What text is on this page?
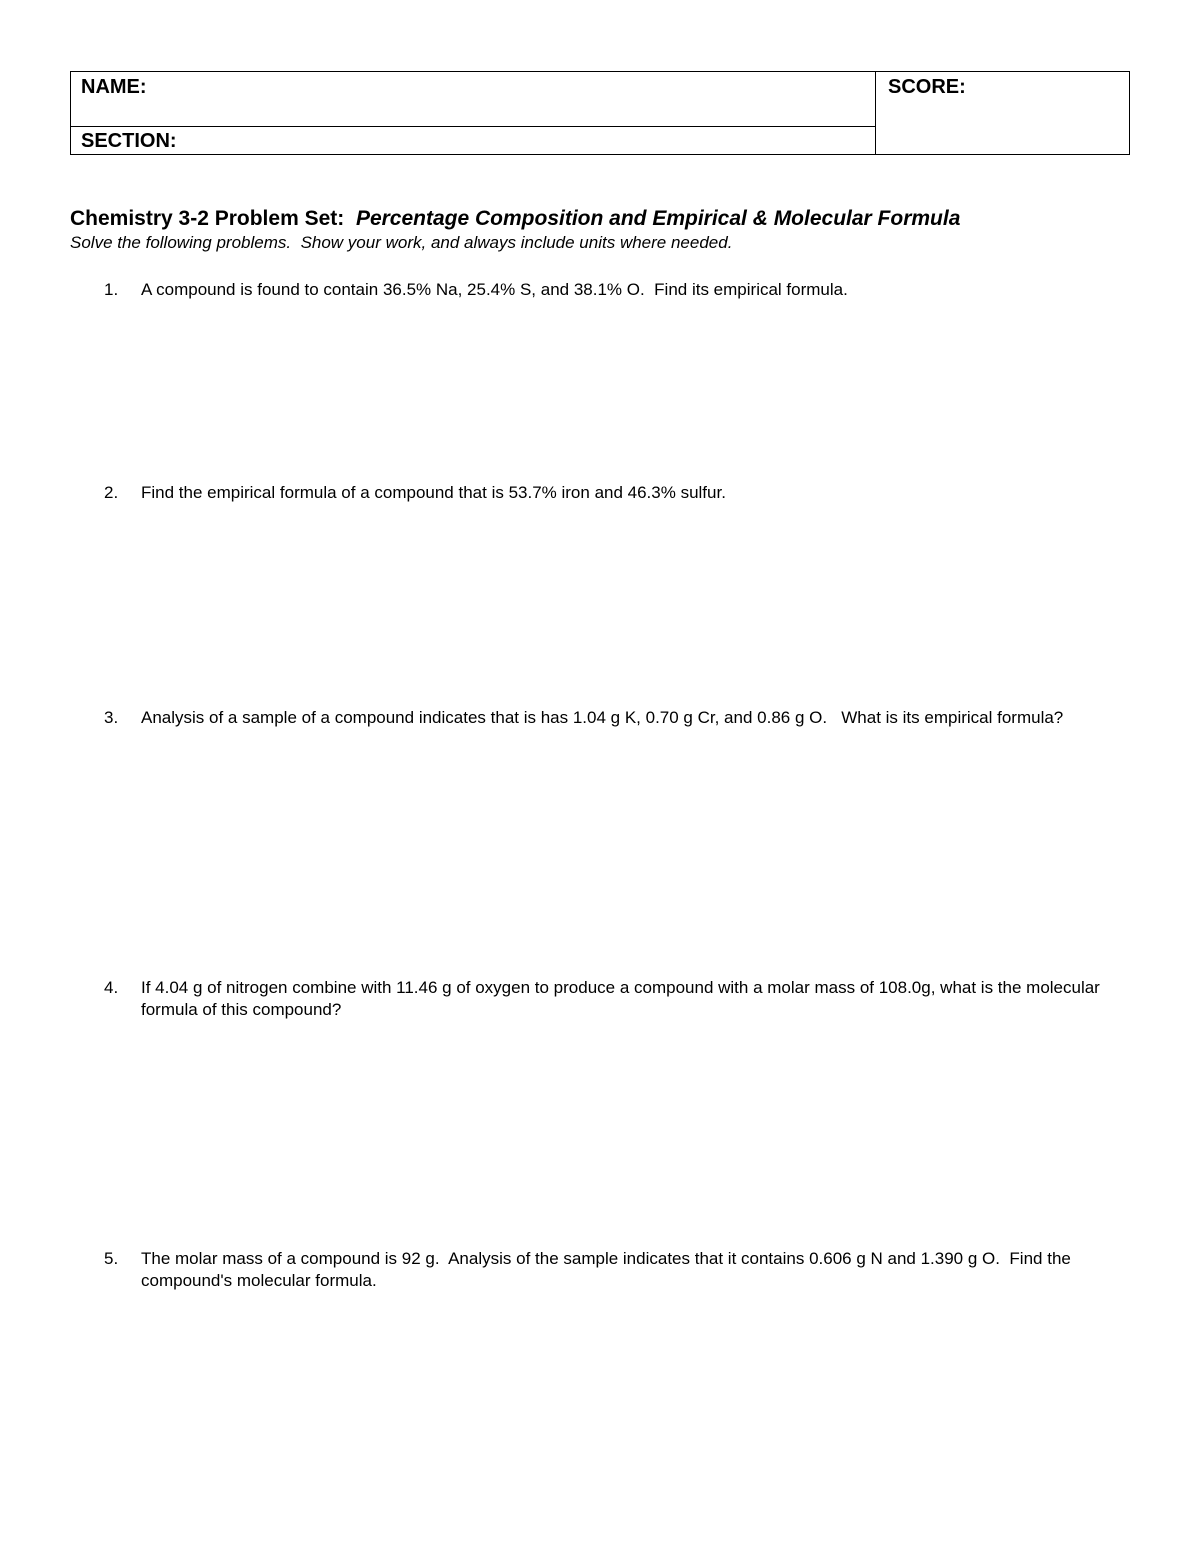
NAME:
SECTION:
SCORE:
Chemistry 3-2 Problem Set: Percentage Composition and Empirical & Molecular Formula
Solve the following problems.  Show your work, and always include units where needed.
1.	A compound is found to contain 36.5% Na, 25.4% S, and 38.1% O.  Find its empirical formula.
2.	Find the empirical formula of a compound that is 53.7% iron and 46.3% sulfur.
3.	Analysis of a sample of a compound indicates that is has 1.04 g K, 0.70 g Cr, and 0.86 g O.   What is its empirical formula?
4.	If 4.04 g of nitrogen combine with 11.46 g of oxygen to produce a compound with a molar mass of 108.0g, what is the molecular formula of this compound?
5.	The molar mass of a compound is 92 g.  Analysis of the sample indicates that it contains 0.606 g N and 1.390 g O.  Find the compound's molecular formula.
